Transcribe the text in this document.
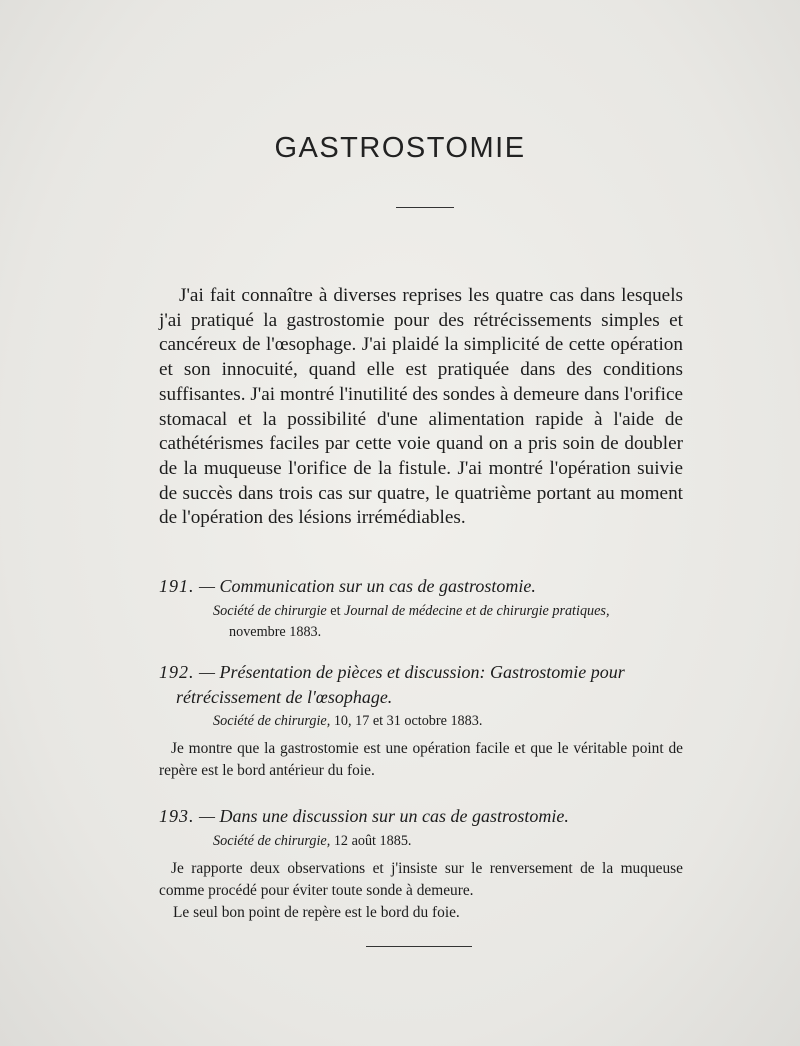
GASTROSTOMIE

J'ai fait connaître à diverses reprises les quatre cas dans lesquels j'ai pratiqué la gastrostomie pour des rétrécissements simples et cancéreux de l'œsophage. J'ai plaidé la simplicité de cette opération et son innocuité, quand elle est pratiquée dans des conditions suffisantes. J'ai montré l'inutilité des sondes à demeure dans l'orifice stomacal et la possibilité d'une alimentation rapide à l'aide de cathétérismes faciles par cette voie quand on a pris soin de doubler de la muqueuse l'orifice de la fistule. J'ai montré l'opération suivie de succès dans trois cas sur quatre, le quatrième portant au moment de l'opération des lésions irrémédiables.

191. — Communication sur un cas de gastrostomie.

Société de chirurgie et Journal de médecine et de chirurgie pratiques,

novembre 1883.

192. — Présentation de pièces et discussion: Gastrostomie pour

rétrécissement de l'œsophage.

Société de chirurgie, 10, 17 et 31 octobre 1883.

Je montre que la gastrostomie est une opération facile et que le véritable point de repère est le bord antérieur du foie.

193. — Dans une discussion sur un cas de gastrostomie.

Société de chirurgie, 12 août 1885.

Je rapporte deux observations et j'insiste sur le renversement de la muqueuse comme procédé pour éviter toute sonde à demeure.

Le seul bon point de repère est le bord du foie.
